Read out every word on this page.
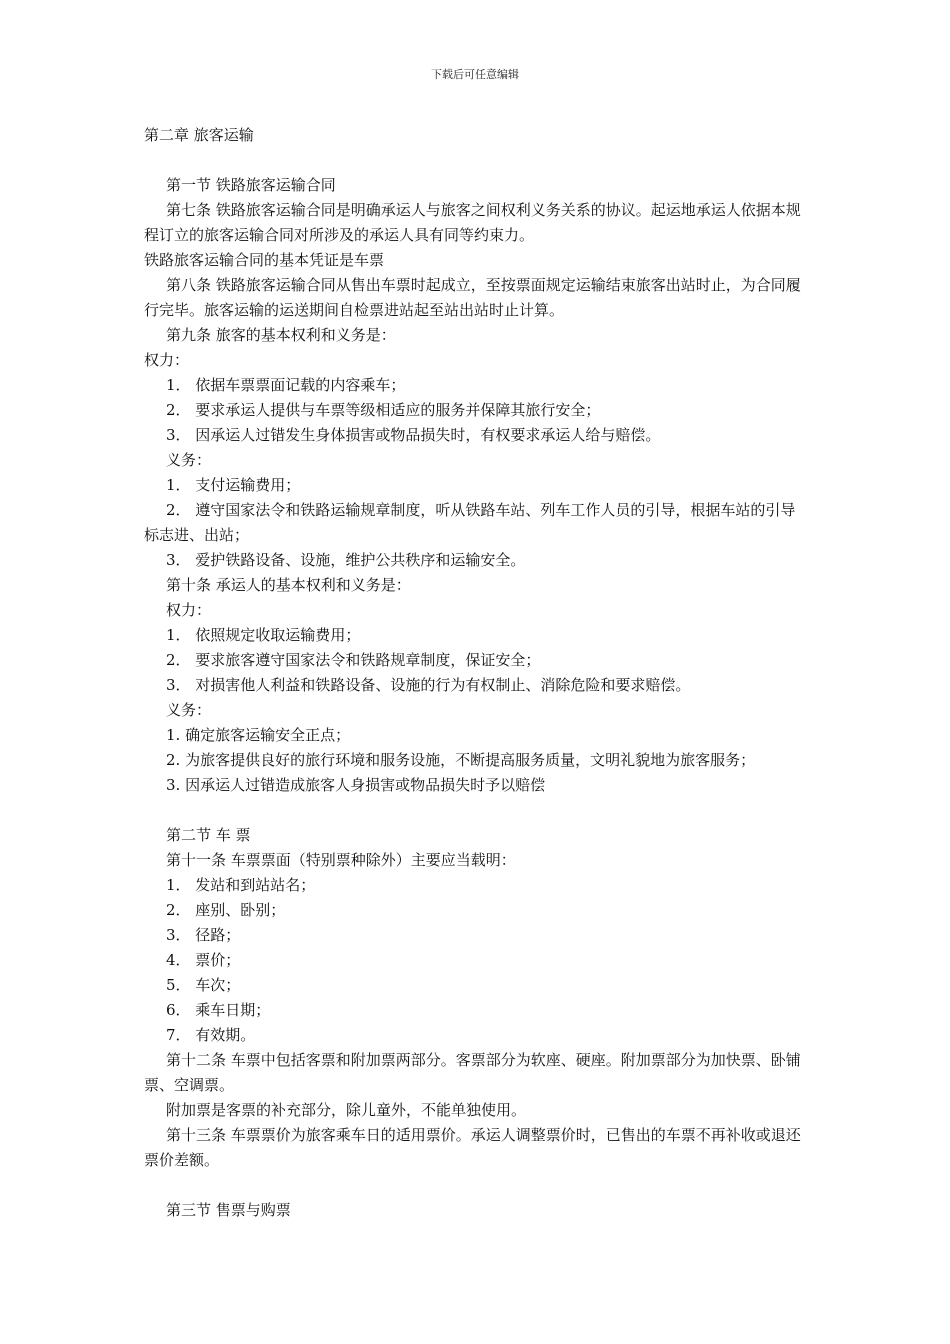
下载后可任意编辑

第二章 旅客运输

第一节 铁路旅客运输合同

第七条 铁路旅客运输合同是明确承运人与旅客之间权利义务关系的协议。起运地承运人依据本规程订立的旅客运输合同对所涉及的承运人具有同等约束力。

铁路旅客运输合同的基本凭证是车票

第八条 铁路旅客运输合同从售出车票时起成立，至按票面规定运输结束旅客出站时止，为合同履行完毕。旅客运输的运送期间自检票进站起至站出站时止计算。

第九条 旅客的基本权利和义务是：

权力：

1． 依据车票票面记载的内容乘车；

2． 要求承运人提供与车票等级相适应的服务并保障其旅行安全；

3． 因承运人过错发生身体损害或物品损失时，有权要求承运人给与赔偿。

义务：

1． 支付运输费用；

2． 遵守国家法令和铁路运输规章制度，听从铁路车站、列车工作人员的引导，根据车站的引导标志进、出站；

3． 爱护铁路设备、设施，维护公共秩序和运输安全。

第十条 承运人的基本权利和义务是：

权力：

1． 依照规定收取运输费用；

2． 要求旅客遵守国家法令和铁路规章制度，保证安全；

3． 对损害他人利益和铁路设备、设施的行为有权制止、消除危险和要求赔偿。

义务：

1. 确定旅客运输安全正点；

2. 为旅客提供良好的旅行环境和服务设施，不断提高服务质量，文明礼貌地为旅客服务；

3. 因承运人过错造成旅客人身损害或物品损失时予以赔偿

第二节 车 票

第十一条 车票票面（特别票种除外）主要应当载明：

1． 发站和到站站名；

2． 座别、卧别；

3． 径路；

4． 票价；

5． 车次；

6． 乘车日期；

7． 有效期。

第十二条 车票中包括客票和附加票两部分。客票部分为软座、硬座。附加票部分为加快票、卧铺票、空调票。

附加票是客票的补充部分，除儿童外，不能单独使用。

第十三条 车票票价为旅客乘车日的适用票价。承运人调整票价时，已售出的车票不再补收或退还票价差额。

第三节 售票与购票
